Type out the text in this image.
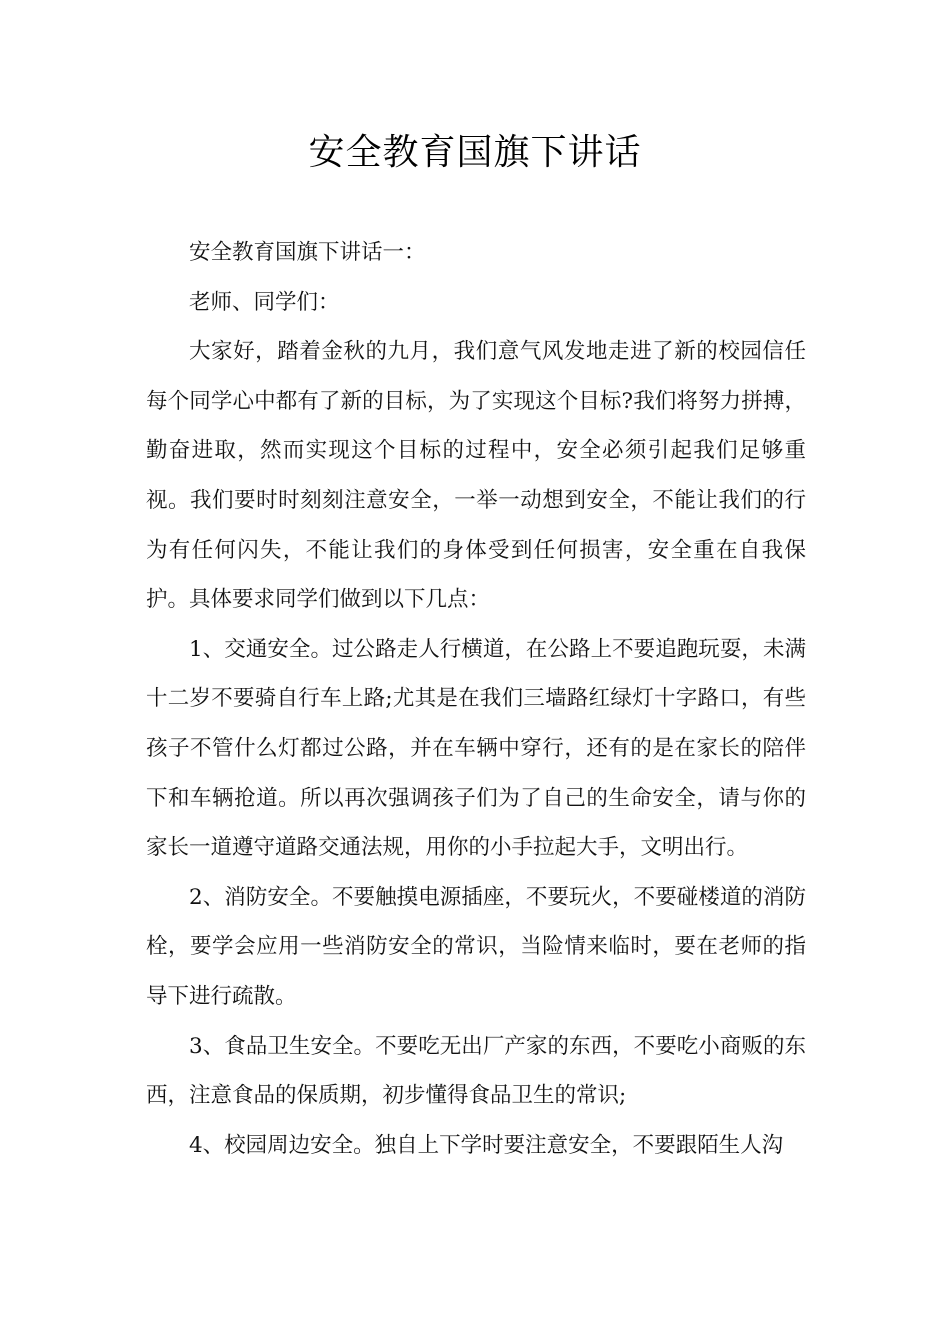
安全教育国旗下讲话

安全教育国旗下讲话一：

老师、同学们：

大家好，踏着金秋的九月，我们意气风发地走进了新的校园信任每个同学心中都有了新的目标，为了实现这个目标?我们将努力拼搏，勤奋进取，然而实现这个目标的过程中，安全必须引起我们足够重视。我们要时时刻刻注意安全，一举一动想到安全，不能让我们的行为有任何闪失，不能让我们的身体受到任何损害，安全重在自我保护。具体要求同学们做到以下几点：

1、交通安全。过公路走人行横道，在公路上不要追跑玩耍，未满十二岁不要骑自行车上路;尤其是在我们三墙路红绿灯十字路口，有些孩子不管什么灯都过公路，并在车辆中穿行，还有的是在家长的陪伴下和车辆抢道。所以再次强调孩子们为了自己的生命安全，请与你的家长一道遵守道路交通法规，用你的小手拉起大手，文明出行。

2、消防安全。不要触摸电源插座，不要玩火，不要碰楼道的消防栓，要学会应用一些消防安全的常识，当险情来临时，要在老师的指导下进行疏散。

3、食品卫生安全。不要吃无出厂产家的东西，不要吃小商贩的东西，注意食品的保质期，初步懂得食品卫生的常识;

4、校园周边安全。独自上下学时要注意安全，不要跟陌生人沟
